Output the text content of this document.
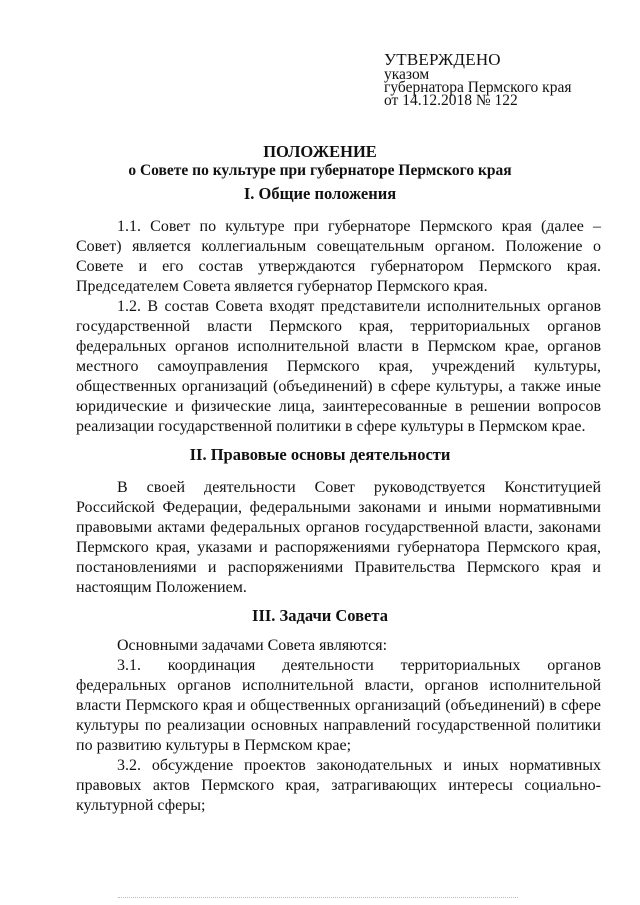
УТВЕРЖДЕНО
указом
губернатора Пермского края
от 14.12.2018 № 122
ПОЛОЖЕНИЕ
о Совете по культуре при губернаторе Пермского края
I. Общие положения

1.1. Совет по культуре при губернаторе Пермского края (далее – Совет) является коллегиальным совещательным органом. Положение о Совете и его состав утверждаются губернатором Пермского края. Председателем Совета является губернатор Пермского края.

1.2. В состав Совета входят представители исполнительных органов государственной власти Пермского края, территориальных органов федеральных органов исполнительной власти в Пермском крае, органов местного самоуправления Пермского края, учреждений культуры, общественных организаций (объединений) в сфере культуры, а также иные юридические и физические лица, заинтересованные в решении вопросов реализации государственной политики в сфере культуры в Пермском крае.

II. Правовые основы деятельности

В своей деятельности Совет руководствуется Конституцией Российской Федерации, федеральными законами и иными нормативными правовыми актами федеральных органов государственной власти, законами Пермского края, указами и распоряжениями губернатора Пермского края, постановлениями и распоряжениями Правительства Пермского края и настоящим Положением.

III. Задачи Совета

Основными задачами Совета являются:

3.1. координация деятельности территориальных органов федеральных органов исполнительной власти, органов исполнительной власти Пермского края и общественных организаций (объединений) в сфере культуры по реализации основных направлений государственной политики по развитию культуры в Пермском крае;

3.2. обсуждение проектов законодательных и иных нормативных правовых актов Пермского края, затрагивающих интересы социально-культурной сферы;
